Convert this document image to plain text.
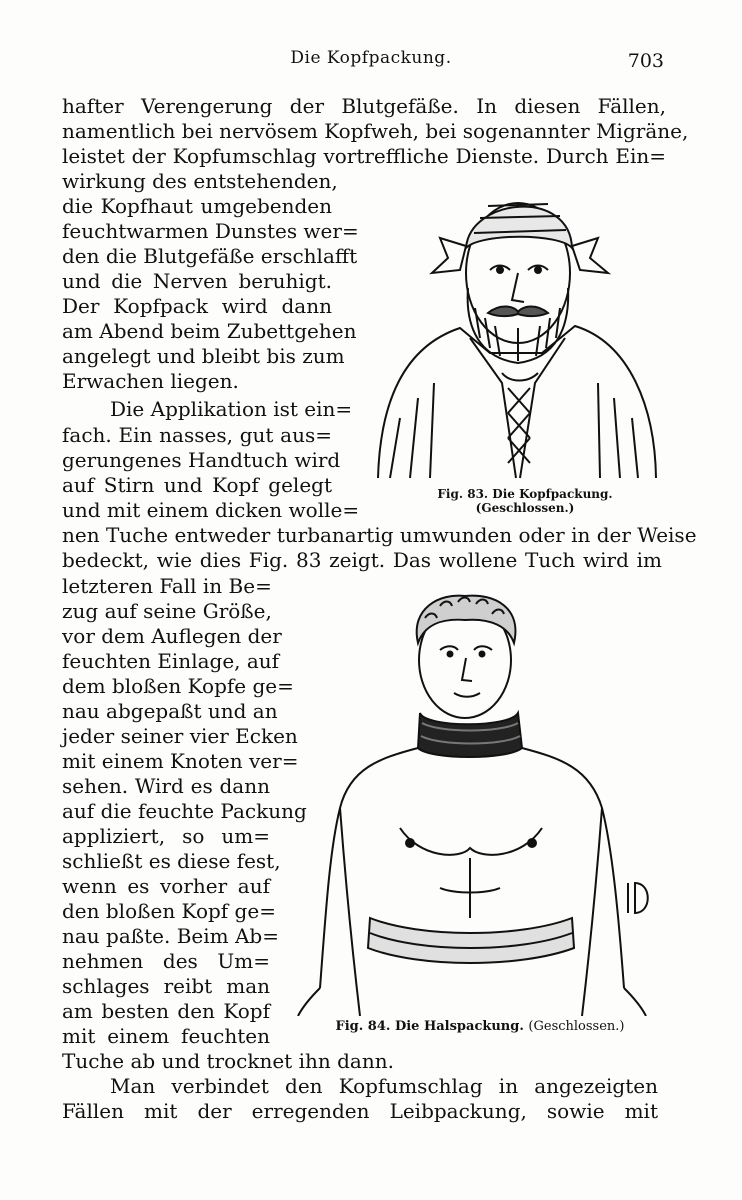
Die Kopfpackung.	703
hafter Verengerung der Blutgefäße. In diesen Fällen,
namentlich bei nervösem Kopfweh, bei sogenannter Migräne,
leistet der Kopfumschlag vortreffliche Dienste. Durch Ein=
wirkung des entstehenden,
die Kopfhaut umgebenden
feuchtwarmen Dunstes wer=
den die Blutgefäße erschlafft
und die Nerven beruhigt.
Der Kopfpack wird dann
am Abend beim Zubettgehen
angelegt und bleibt bis zum
Erwachen liegen.
Die Applikation ist ein=
fach. Ein nasses, gut aus=
gerungenes Handtuch wird
auf Stirn und Kopf gelegt
und mit einem dicken wolle=
nen Tuche entweder turbanartig umwunden oder in der Weise
bedeckt, wie dies Fig. 83 zeigt. Das wollene Tuch wird im
letzteren Fall in Be=
zug auf seine Größe,
vor dem Auflegen der
feuchten Einlage, auf
dem bloßen Kopfe ge=
nau abgepaßt und an
jeder seiner vier Ecken
mit einem Knoten ver=
sehen. Wird es dann
auf die feuchte Packung
appliziert, so um=
schließt es diese fest,
wenn es vorher auf
den bloßen Kopf ge=
nau paßte. Beim Ab=
nehmen des Um=
schlages reibt man
am besten den Kopf
mit einem feuchten
Tuche ab und trocknet ihn dann.
Man verbindet den Kopfumschlag in angezeigten
Fällen mit der erregenden Leibpackung, sowie mit
Fig. 83. Die Kopfpackung.
(Geschlossen.)
Fig. 84. Die Halspackung. (Geschlossen.)
